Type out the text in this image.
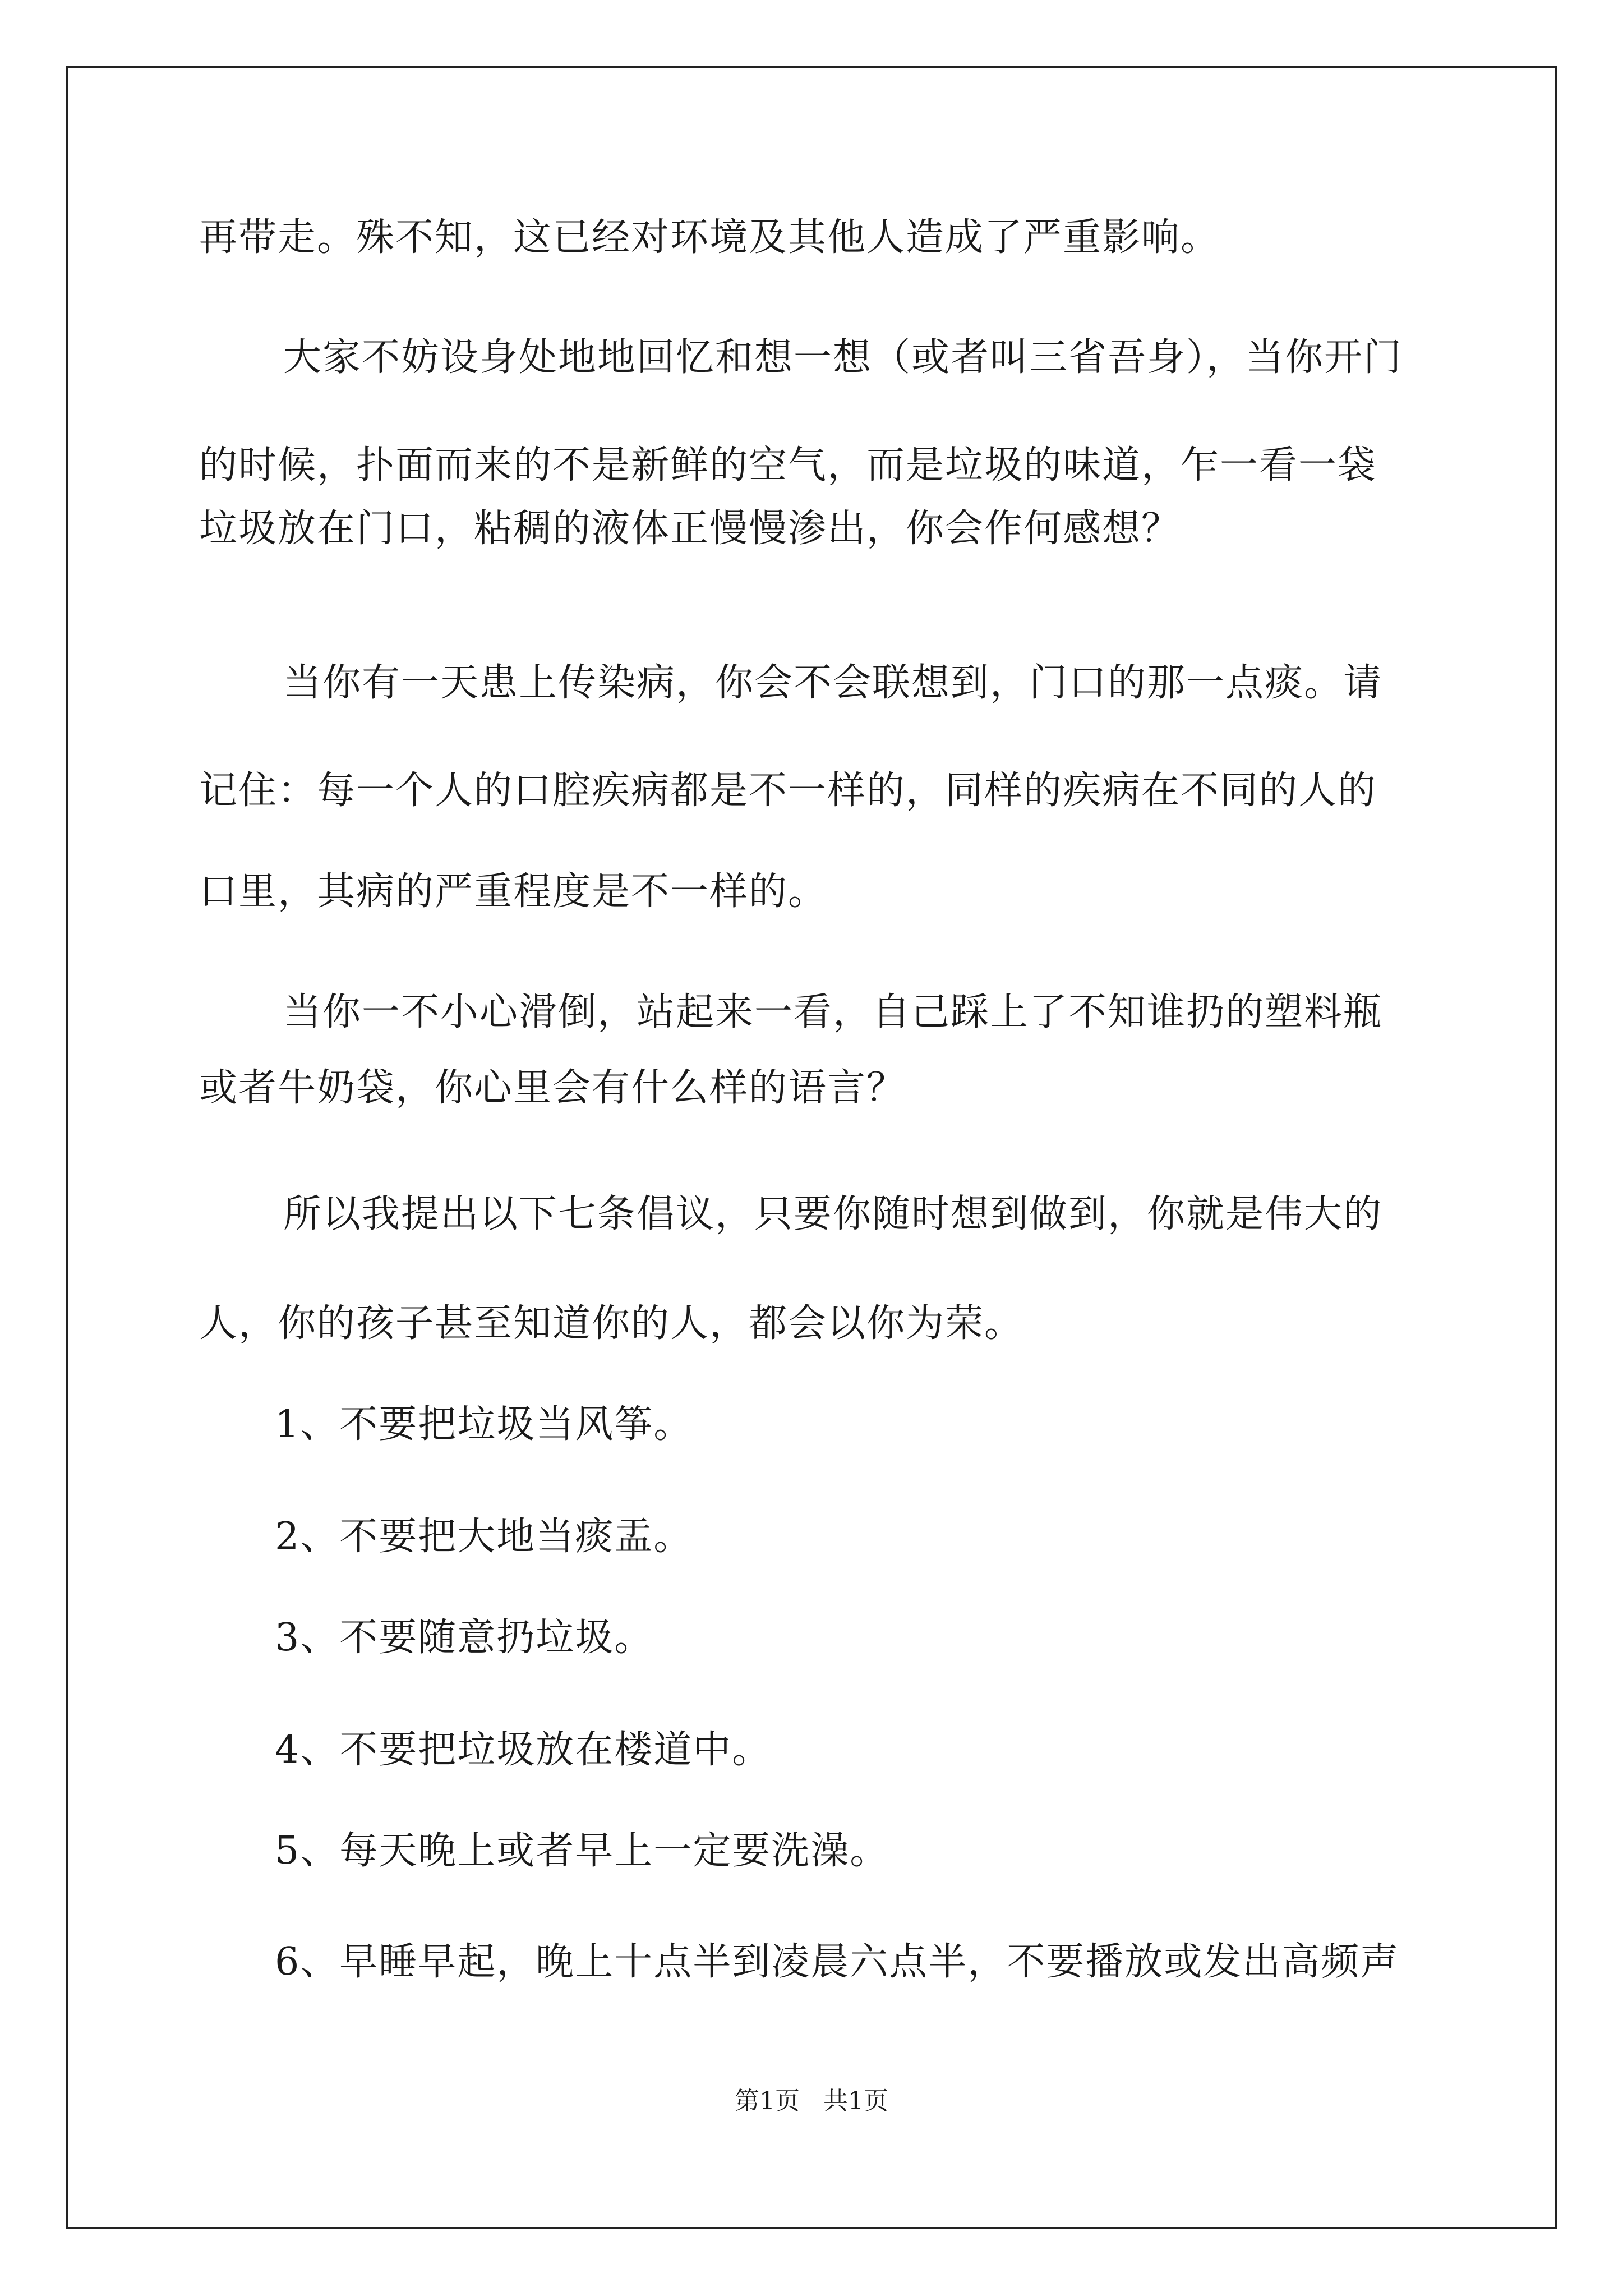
再带走。殊不知，这已经对环境及其他人造成了严重影响。
大家不妨设身处地地回忆和想一想（或者叫三省吾身），当你开门
的时候，扑面而来的不是新鲜的空气，而是垃圾的味道，乍一看一袋
垃圾放在门口，粘稠的液体正慢慢渗出，你会作何感想？
当你有一天患上传染病，你会不会联想到，门口的那一点痰。请
记住：每一个人的口腔疾病都是不一样的，同样的疾病在不同的人的
口里，其病的严重程度是不一样的。
当你一不小心滑倒，站起来一看，自己踩上了不知谁扔的塑料瓶
或者牛奶袋，你心里会有什么样的语言？
所以我提出以下七条倡议，只要你随时想到做到，你就是伟大的
人，你的孩子甚至知道你的人，都会以你为荣。
1、不要把垃圾当风筝。
2、不要把大地当痰盂。
3、不要随意扔垃圾。
4、不要把垃圾放在楼道中。
5、每天晚上或者早上一定要洗澡。
6、早睡早起，晚上十点半到凌晨六点半，不要播放或发出高频声
第1页 共1页
